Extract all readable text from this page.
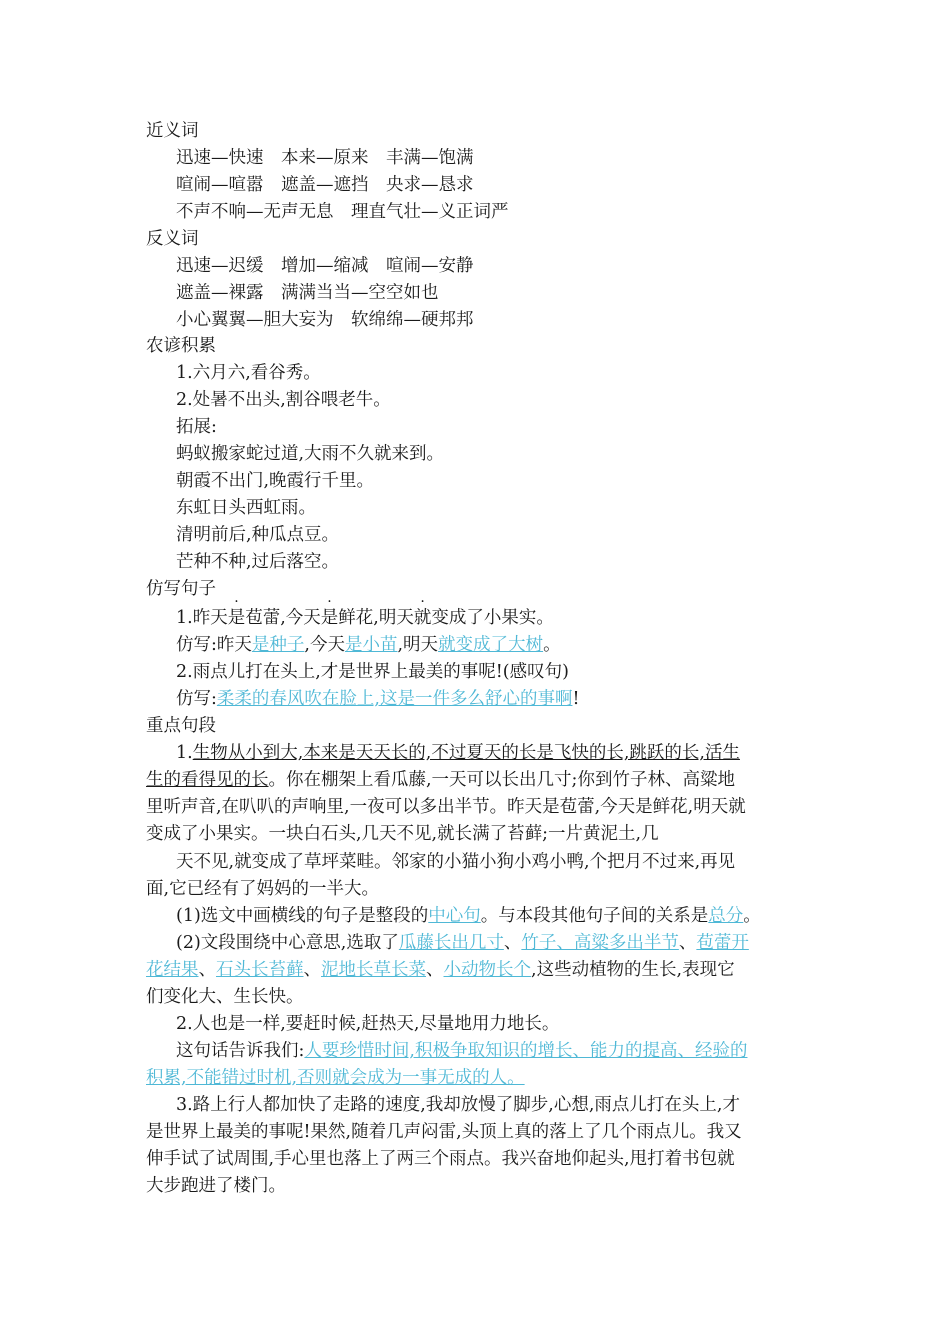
近义词
迅速—快速　本来—原来　丰满—饱满
喧闹—喧嚣　遮盖—遮挡　央求—恳求
不声不响—无声无息　理直气壮—义正词严
反义词
迅速—迟缓　增加—缩减　喧闹—安静
遮盖—裸露　满满当当—空空如也
小心翼翼—胆大妄为　软绵绵—硬邦邦
农谚积累
1.六月六,看谷秀。
2.处暑不出头,割谷喂老牛。
拓展:
蚂蚁搬家蛇过道,大雨不久就来到。
朝霞不出门,晚霞行千里。
东虹日头西虹雨。
清明前后,种瓜点豆。
芒种不种,过后落空。
仿写句子
1.昨天是苞蕾,今天是鲜花,明天就变成了小果实。
仿写:昨天是种子,今天是小苗,明天就变成了大树。
2.雨点儿打在头上,才是世界上最美的事呢!(感叹句)
仿写:柔柔的春风吹在脸上,这是一件多么舒心的事啊!
重点句段
1.生物从小到大,本来是天天长的,不过夏天的长是飞快的长,跳跃的长,活生
生的看得见的长。你在棚架上看瓜藤,一天可以长出几寸;你到竹子林、高粱地
里听声音,在叭叭的声响里,一夜可以多出半节。昨天是苞蕾,今天是鲜花,明天就
变成了小果实。一块白石头,几天不见,就长满了苔藓;一片黄泥土,几
天不见,就变成了草坪菜畦。邻家的小猫小狗小鸡小鸭,个把月不过来,再见
面,它已经有了妈妈的一半大。
(1)选文中画横线的句子是整段的中心句。与本段其他句子间的关系是总分。
(2)文段围绕中心意思,选取了瓜藤长出几寸、竹子、高粱多出半节、苞蕾开
花结果、石头长苔藓、泥地长草长菜、小动物长个,这些动植物的生长,表现它
们变化大、生长快。
2.人也是一样,要赶时候,赶热天,尽量地用力地长。
这句话告诉我们:人要珍惜时间,积极争取知识的增长、能力的提高、经验的
积累,不能错过时机,否则就会成为一事无成的人。
3.路上行人都加快了走路的速度,我却放慢了脚步,心想,雨点儿打在头上,才
是世界上最美的事呢!果然,随着几声闷雷,头顶上真的落上了几个雨点儿。我又
伸手试了试周围,手心里也落上了两三个雨点。我兴奋地仰起头,甩打着书包就
大步跑进了楼门。
